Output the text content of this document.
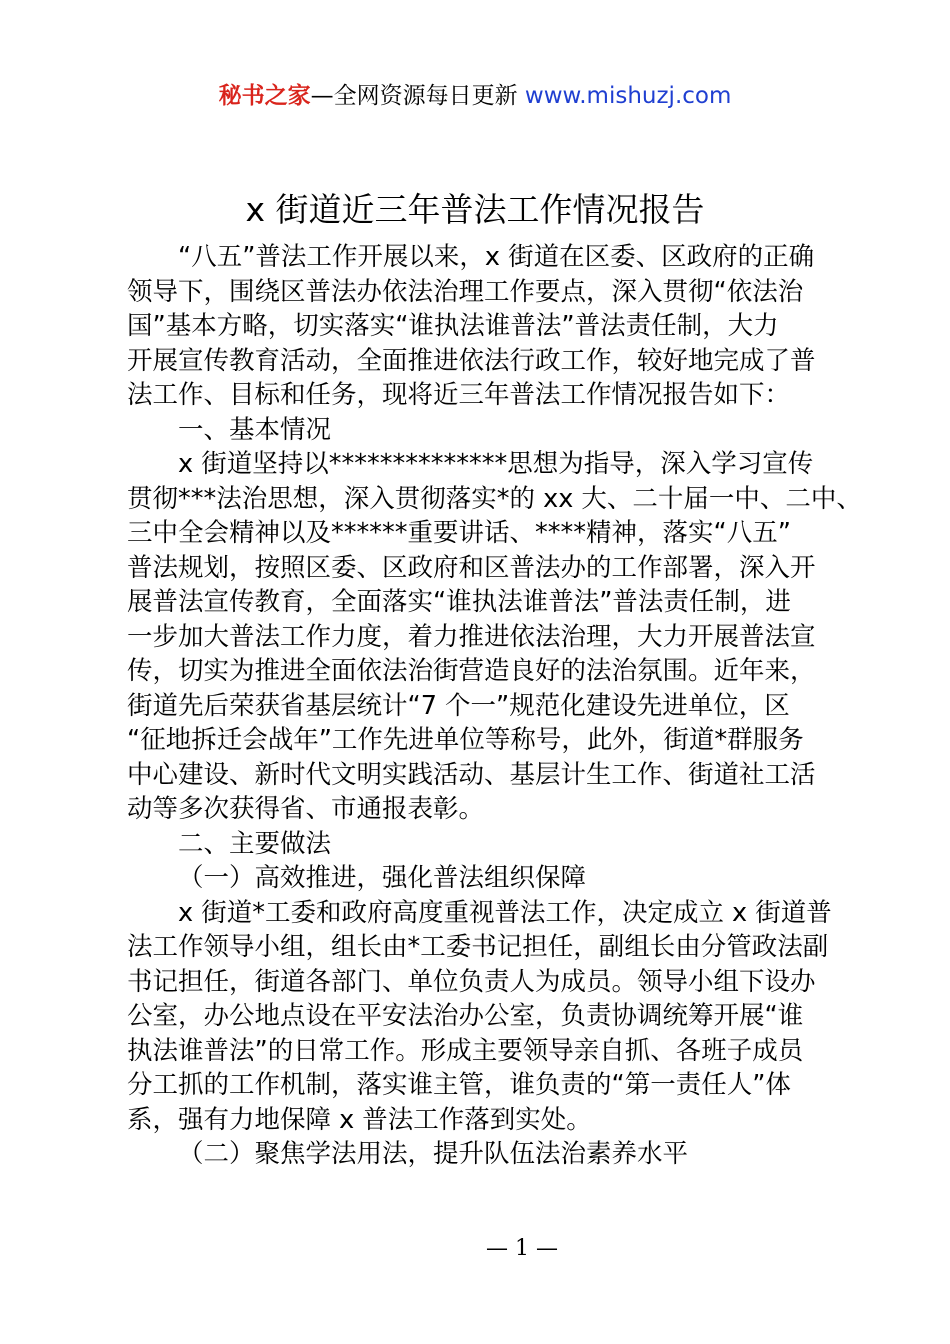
秘书之家—全网资源每日更新 www.mishuzj.com
x 街道近三年普法工作情况报告
“八五”普法工作开展以来，x 街道在区委、区政府的正确
领导下，围绕区普法办依法治理工作要点，深入贯彻“依法治
国”基本方略，切实落实“谁执法谁普法”普法责任制，大力
开展宣传教育活动，全面推进依法行政工作，较好地完成了普
法工作、目标和任务，现将近三年普法工作情况报告如下：
一、基本情况
x 街道坚持以**************思想为指导，深入学习宣传
贯彻***法治思想，深入贯彻落实*的 xx 大、二十届一中、二中、
三中全会精神以及******重要讲话、****精神，落实“八五”
普法规划，按照区委、区政府和区普法办的工作部署，深入开
展普法宣传教育，全面落实“谁执法谁普法”普法责任制，进
一步加大普法工作力度，着力推进依法治理，大力开展普法宣
传，切实为推进全面依法治街营造良好的法治氛围。近年来，
街道先后荣获省基层统计“7 个一”规范化建设先进单位，区
“征地拆迁会战年”工作先进单位等称号，此外，街道*群服务
中心建设、新时代文明实践活动、基层计生工作、街道社工活
动等多次获得省、市通报表彰。
二、主要做法
（一）高效推进，强化普法组织保障
x 街道*工委和政府高度重视普法工作，决定成立 x 街道普
法工作领导小组，组长由*工委书记担任，副组长由分管政法副
书记担任，街道各部门、单位负责人为成员。领导小组下设办
公室，办公地点设在平安法治办公室，负责协调统筹开展“谁
执法谁普法”的日常工作。形成主要领导亲自抓、各班子成员
分工抓的工作机制，落实谁主管，谁负责的“第一责任人”体
系，强有力地保障 x 普法工作落到实处。
（二）聚焦学法用法，提升队伍法治素养水平
— 1 —
